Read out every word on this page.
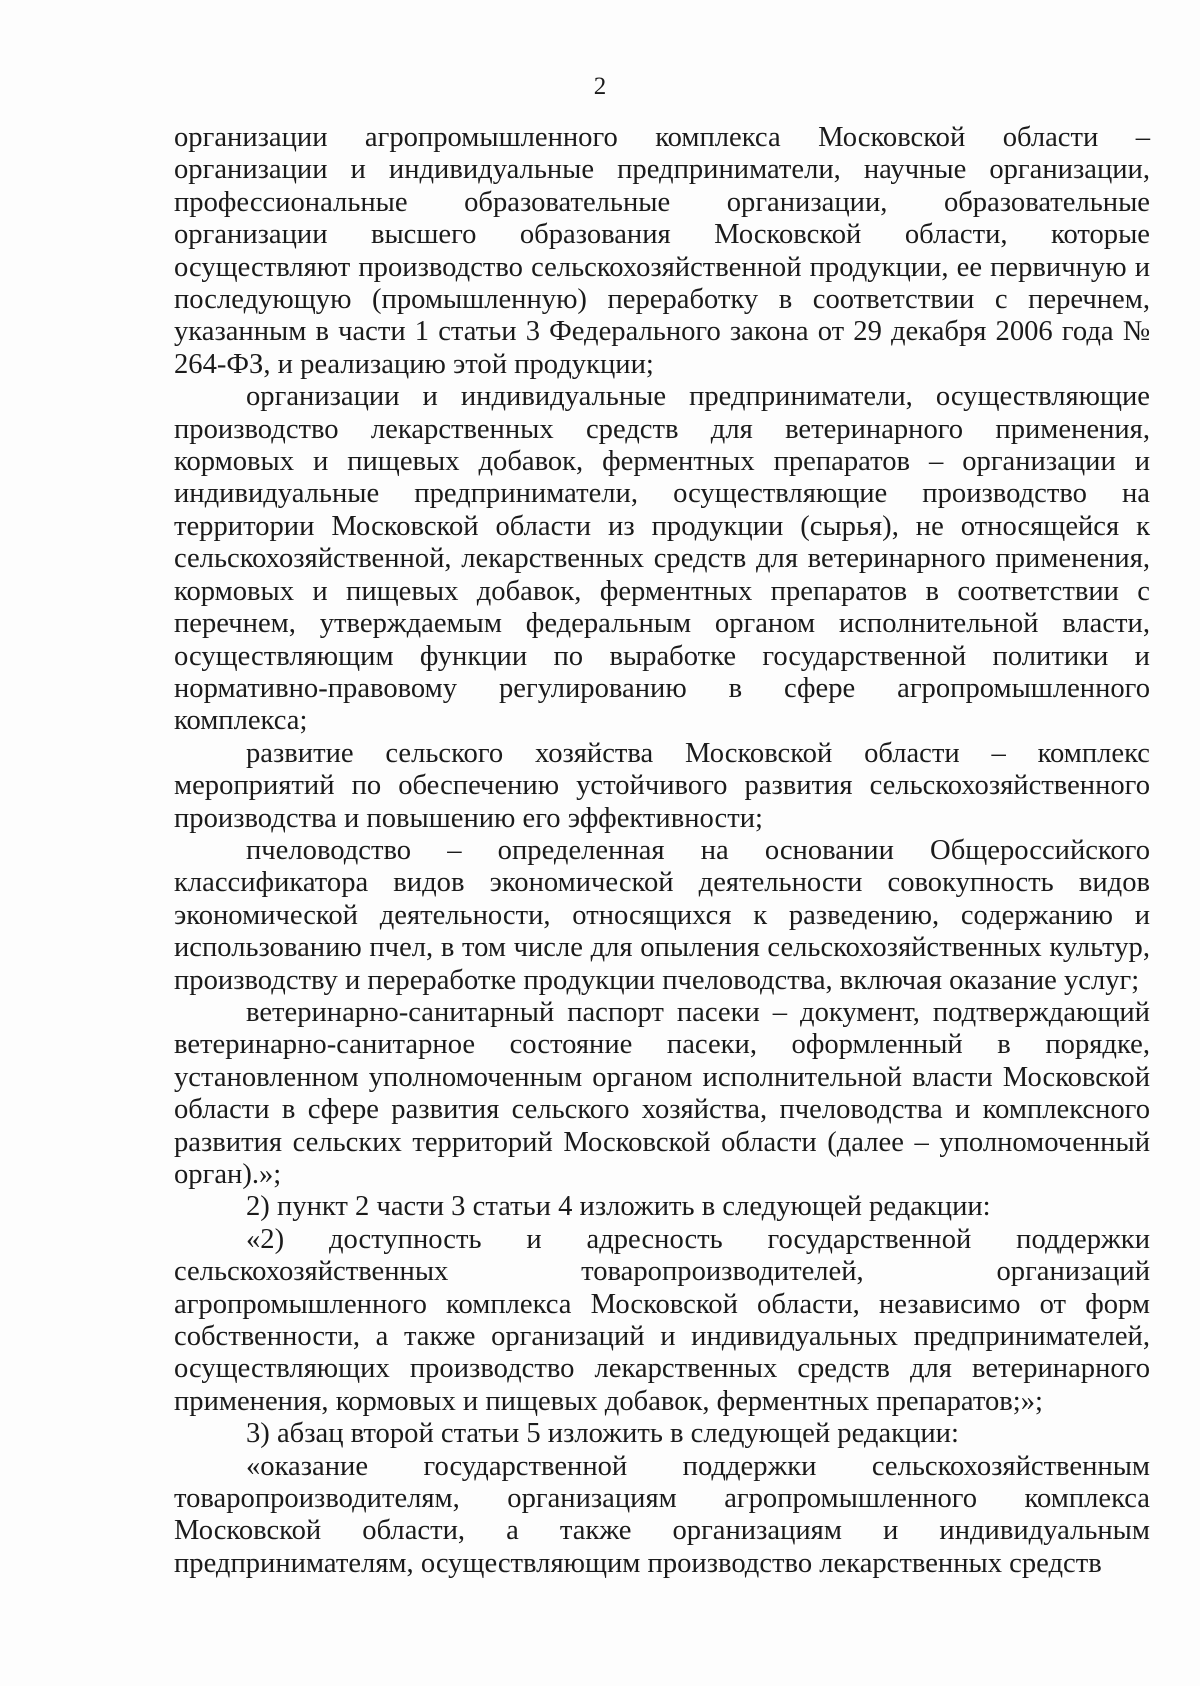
2

организации агропромышленного комплекса Московской области – организации и индивидуальные предприниматели, научные организации, профессиональные образовательные организации, образовательные организации высшего образования Московской области, которые осуществляют производство сельскохозяйственной продукции, ее первичную и последующую (промышленную) переработку в соответствии с перечнем, указанным в части 1 статьи 3 Федерального закона от 29 декабря 2006 года № 264-ФЗ, и реализацию этой продукции;

организации и индивидуальные предприниматели, осуществляющие производство лекарственных средств для ветеринарного применения, кормовых и пищевых добавок, ферментных препаратов – организации и индивидуальные предприниматели, осуществляющие производство на территории Московской области из продукции (сырья), не относящейся к сельскохозяйственной, лекарственных средств для ветеринарного применения, кормовых и пищевых добавок, ферментных препаратов в соответствии с перечнем, утверждаемым федеральным органом исполнительной власти, осуществляющим функции по выработке государственной политики и нормативно-правовому регулированию в сфере агропромышленного комплекса;

развитие сельского хозяйства Московской области – комплекс мероприятий по обеспечению устойчивого развития сельскохозяйственного производства и повышению его эффективности;

пчеловодство – определенная на основании Общероссийского классификатора видов экономической деятельности совокупность видов экономической деятельности, относящихся к разведению, содержанию и использованию пчел, в том числе для опыления сельскохозяйственных культур, производству и переработке продукции пчеловодства, включая оказание услуг;

ветеринарно-санитарный паспорт пасеки – документ, подтверждающий ветеринарно-санитарное состояние пасеки, оформленный в порядке, установленном уполномоченным органом исполнительной власти Московской области в сфере развития сельского хозяйства, пчеловодства и комплексного развития сельских территорий Московской области (далее – уполномоченный орган).»;

2) пункт 2 части 3 статьи 4 изложить в следующей редакции:

«2) доступность и адресность государственной поддержки сельскохозяйственных товаропроизводителей, организаций агропромышленного комплекса Московской области, независимо от форм собственности, а также организаций и индивидуальных предпринимателей, осуществляющих производство лекарственных средств для ветеринарного применения, кормовых и пищевых добавок, ферментных препаратов;»;

3) абзац второй статьи 5 изложить в следующей редакции:

«оказание государственной поддержки сельскохозяйственным товаропроизводителям, организациям агропромышленного комплекса Московской области, а также организациям и индивидуальным предпринимателям, осуществляющим производство лекарственных средств
